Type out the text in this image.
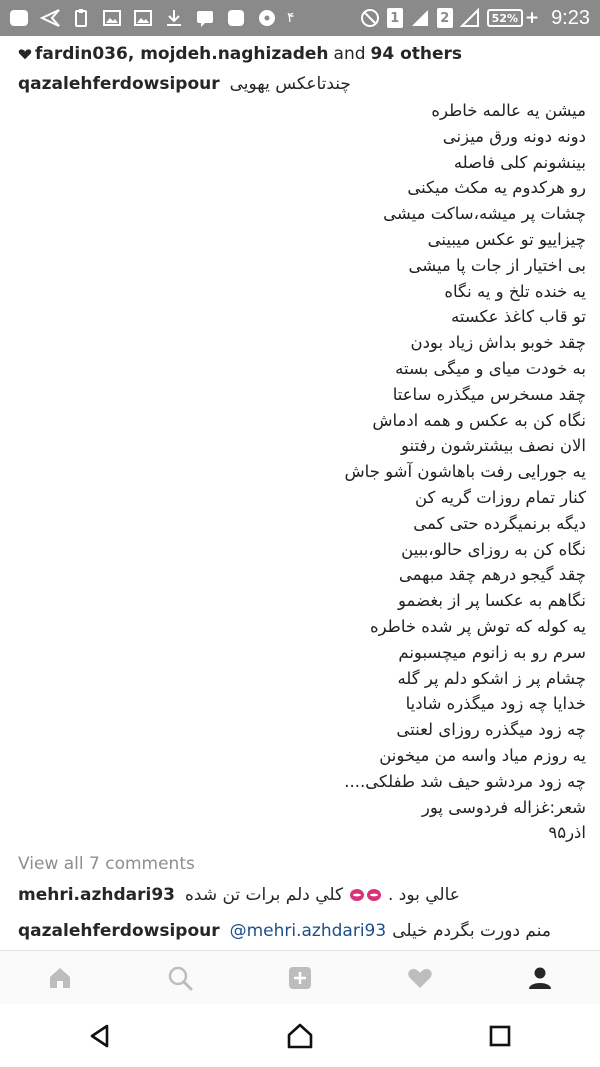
۴	1	2	52% + 9:23
fardin036, mojdeh.naghizadeh and 94 others
qazalehferdowsipour چندتاعکس یهویی
میشن یه عالمه خاطره
دونه دونه ورق میزنی
بینشونم کلی فاصله
رو هرکدوم یه مکث میکنی
چشات پر میشه،ساکت میشی
چیزاییو تو عکس میبینی
بی اختیار از جات پا میشی
یه خنده تلخ و یه نگاه
تو قاب کاغذ عکسته
چقد خوبو بداش زیاد بودن
به خودت میای و میگی بسته
چقد مسخرس میگذره ساعتا
نگاه کن به عکس و همه ادماش
الان نصف بیشترشون رفتنو
یه جورایی رفت باهاشون آشو جاش
کنار تمام روزات گریه کن
دیگه برنمیگرده حتی کمی
نگاه کن به روزای حالو،ببین
چقد گیجو درهم چقد مبهمی
نگاهم به عکسا پر از بغضمو
یه کوله که توش پر شده خاطره
سرم رو به زانوم میچسبونم
چشام پر ز اشکو دلم پر گله
خدایا چه زود میگذره شادیا
چه زود میگذره روزای لعنتی
یه روزم میاد واسه من میخونن
چه زود مردشو حیف شد طفلکی....
شعر:غزاله فردوسی پور
اذر۹۵
View all 7 comments
mehri.azhdari93	عالي بود .  كلي دلم برات تن شده
qazalehferdowsipour @mehri.azhdari93 منم دورت بگردم خیلی
